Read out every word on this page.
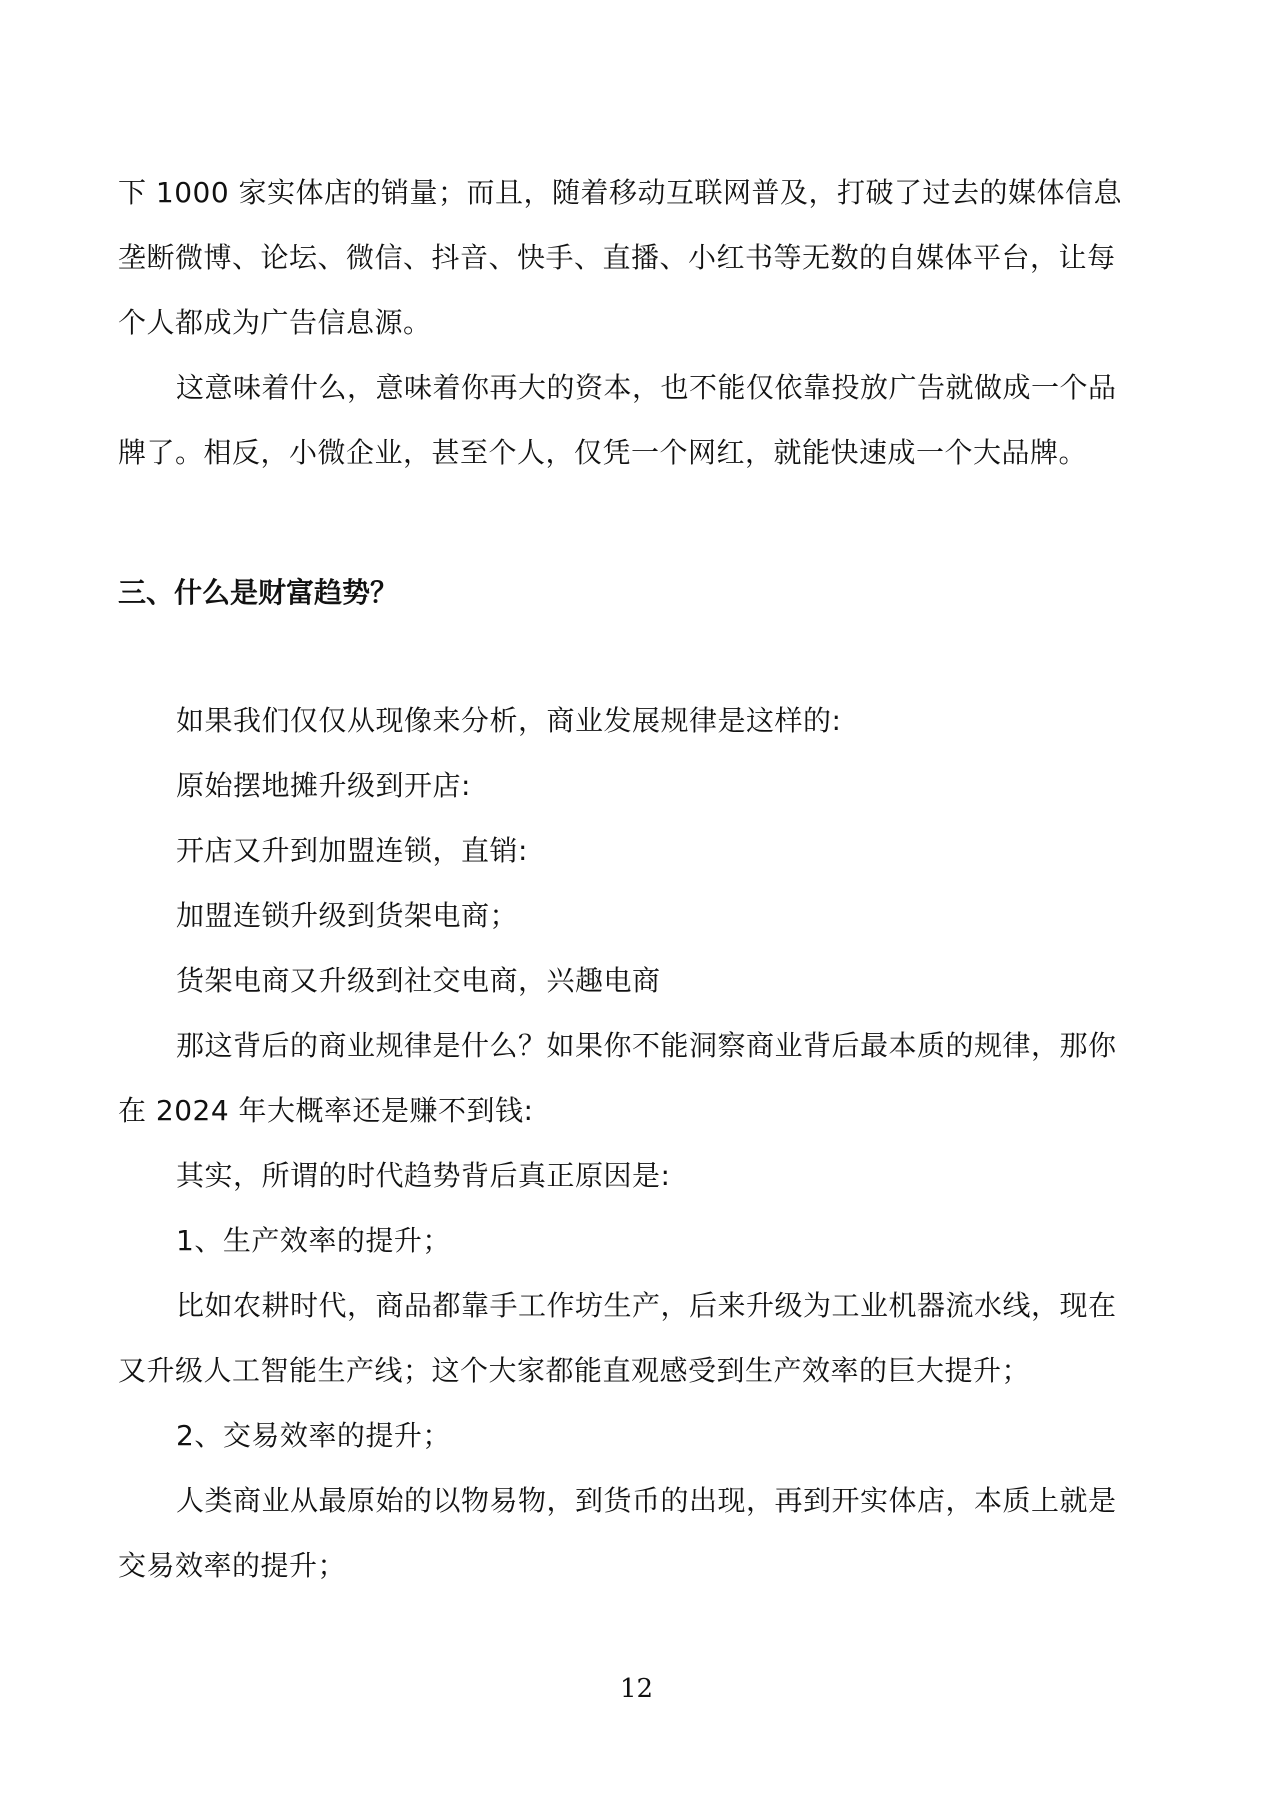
下 1000 家实体店的销量；而且，随着移动互联网普及，打破了过去的媒体信息
垄断微博、论坛、微信、抖音、快手、直播、小红书等无数的自媒体平台，让每
个人都成为广告信息源。
这意味着什么，意味着你再大的资本，也不能仅依靠投放广告就做成一个品
牌了。相反，小微企业，甚至个人，仅凭一个网红，就能快速成一个大品牌。
三、什么是财富趋势？
如果我们仅仅从现像来分析，商业发展规律是这样的:
原始摆地摊升级到开店:
开店又升到加盟连锁，直销:
加盟连锁升级到货架电商；
货架电商又升级到社交电商，兴趣电商
那这背后的商业规律是什么？如果你不能洞察商业背后最本质的规律，那你
在 2024 年大概率还是赚不到钱:
其实，所谓的时代趋势背后真正原因是:
1、生产效率的提升；
比如农耕时代，商品都靠手工作坊生产，后来升级为工业机器流水线，现在
又升级人工智能生产线；这个大家都能直观感受到生产效率的巨大提升；
2、交易效率的提升；
人类商业从最原始的以物易物，到货币的出现，再到开实体店，本质上就是
交易效率的提升；
12
